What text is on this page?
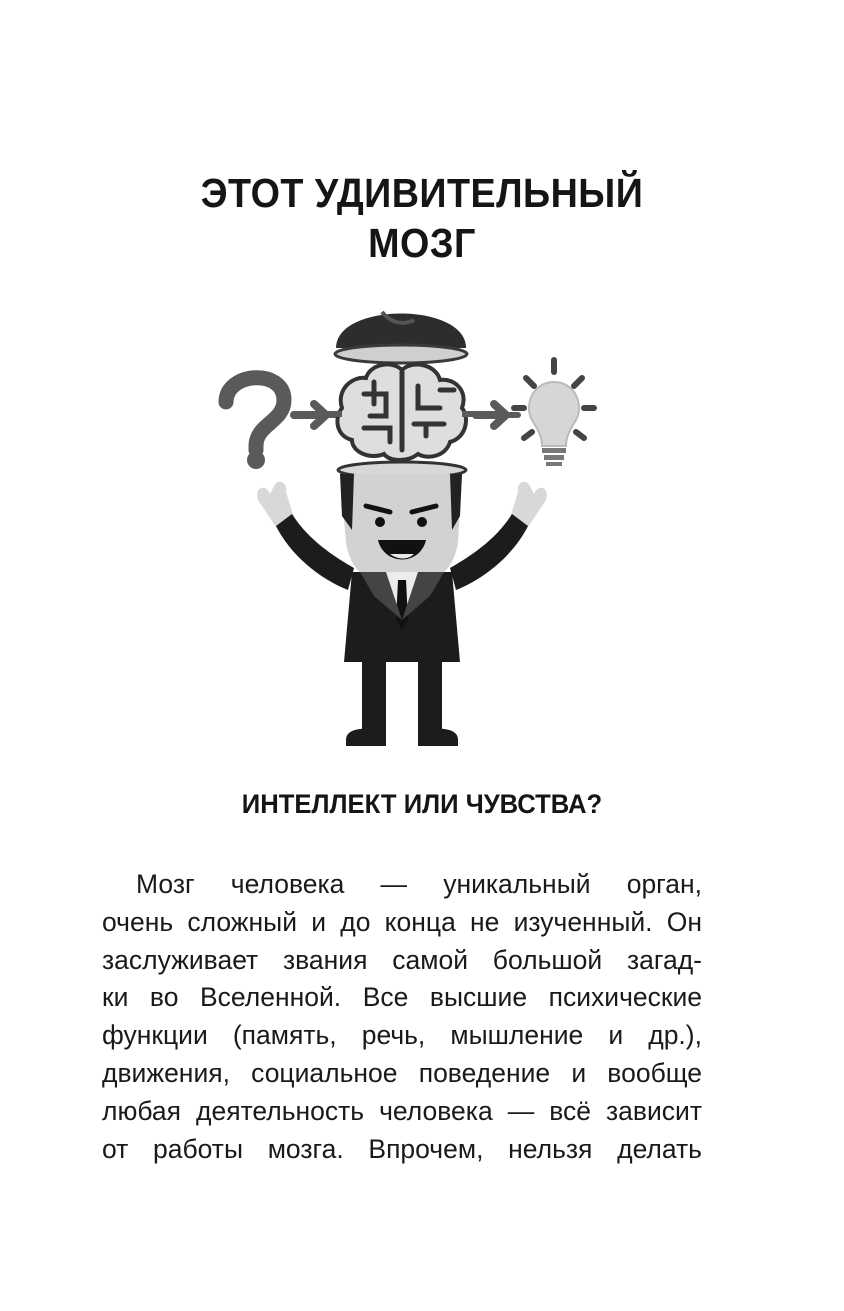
ЭТОТ УДИВИТЕЛЬНЫЙ
МОЗГ
ИНТЕЛЛЕКТ ИЛИ ЧУВСТВА?
Мозг человека — уникальный орган,
очень сложный и до конца не изученный. Он
заслуживает звания самой большой загад-
ки во Вселенной. Все высшие психические
функции (память, речь, мышление и др.),
движения, социальное поведение и вообще
любая деятельность человека — всё зависит
от работы мозга. Впрочем, нельзя делать
